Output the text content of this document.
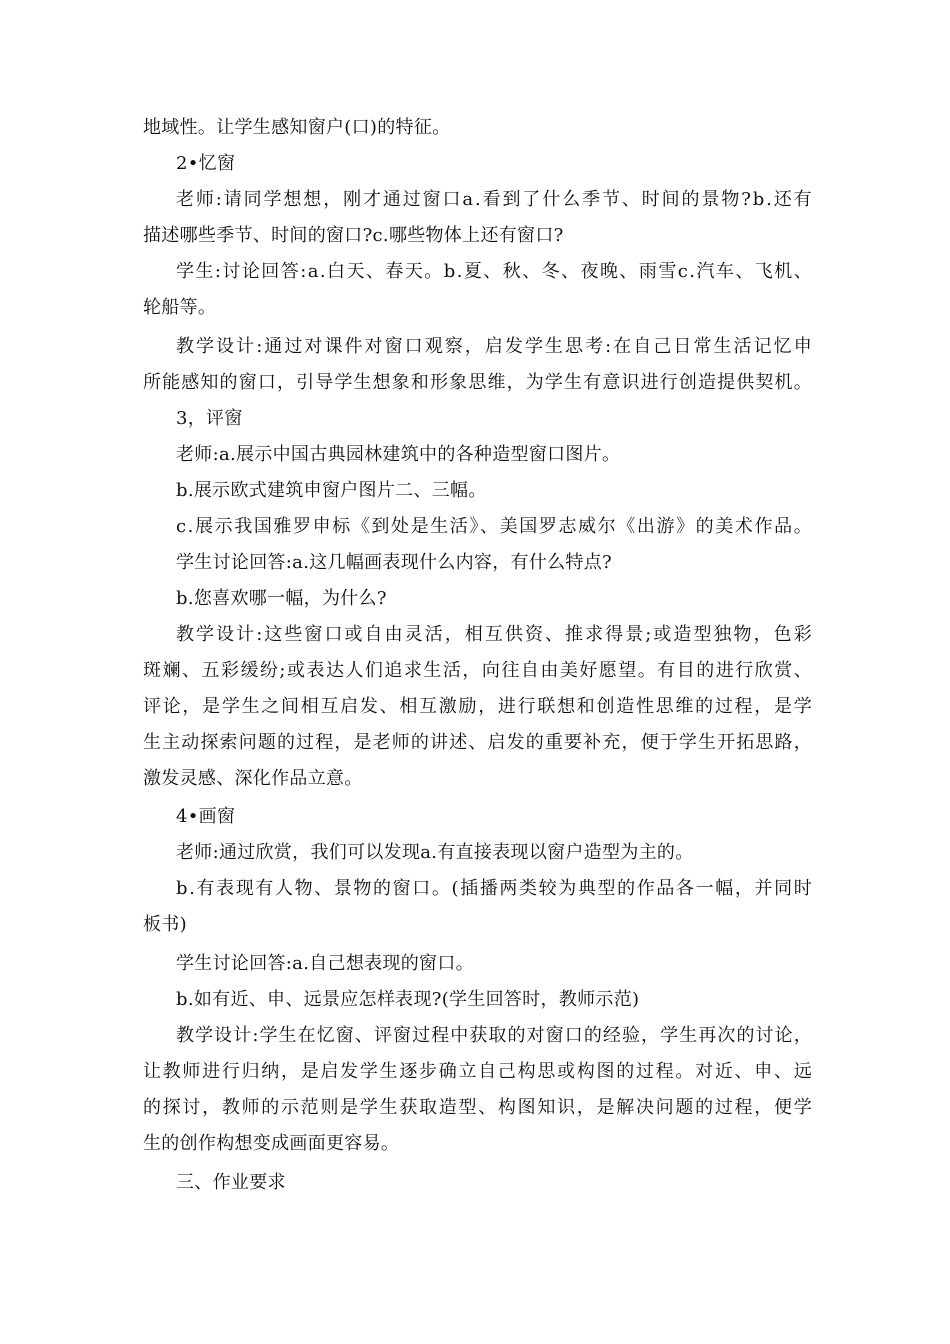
地域性。让学生感知窗户(口)的特征。
2•忆窗
老师:请同学想想，刚才通过窗口a.看到了什么季节、时间的景物?b.还有
描述哪些季节、时间的窗口?c.哪些物体上还有窗口?
学生:讨论回答:a.白天、春天。b.夏、秋、冬、夜晚、雨雪c.汽车、飞机、
轮船等。
教学设计:通过对课件对窗口观察，启发学生思考:在自己日常生活记忆申
所能感知的窗口，引导学生想象和形象思维，为学生有意识进行创造提供契机。
3，评窗
老师:a.展示中国古典园林建筑中的各种造型窗口图片。
b.展示欧式建筑申窗户图片二、三幅。
c.展示我国雅罗申标《到处是生活》、美国罗志威尔《出游》的美术作品。
学生讨论回答:a.这几幅画表现什么内容，有什么特点?
b.您喜欢哪一幅，为什么?
教学设计:这些窗口或自由灵活，相互供资、推求得景;或造型独物，色彩
斑斓、五彩缓纷;或表达人们追求生活，向往自由美好愿望。有目的进行欣赏、
评论，是学生之间相互启发、相互激励，进行联想和创造性思维的过程，是学
生主动探索问题的过程，是老师的讲述、启发的重要补充，便于学生开拓思路，
激发灵感、深化作品立意。
4•画窗
老师:通过欣赏，我们可以发现a.有直接表现以窗户造型为主的。
b.有表现有人物、景物的窗口。(插播两类较为典型的作品各一幅，并同时
板书)
学生讨论回答:a.自己想表现的窗口。
b.如有近、申、远景应怎样表现?(学生回答时，教师示范)
教学设计:学生在忆窗、评窗过程中获取的对窗口的经验，学生再次的讨论，
让教师进行归纳，是启发学生逐步确立自己构思或构图的过程。对近、申、远
的探讨，教师的示范则是学生获取造型、构图知识，是解决问题的过程，便学
生的创作构想变成画面更容易。
三、作业要求
